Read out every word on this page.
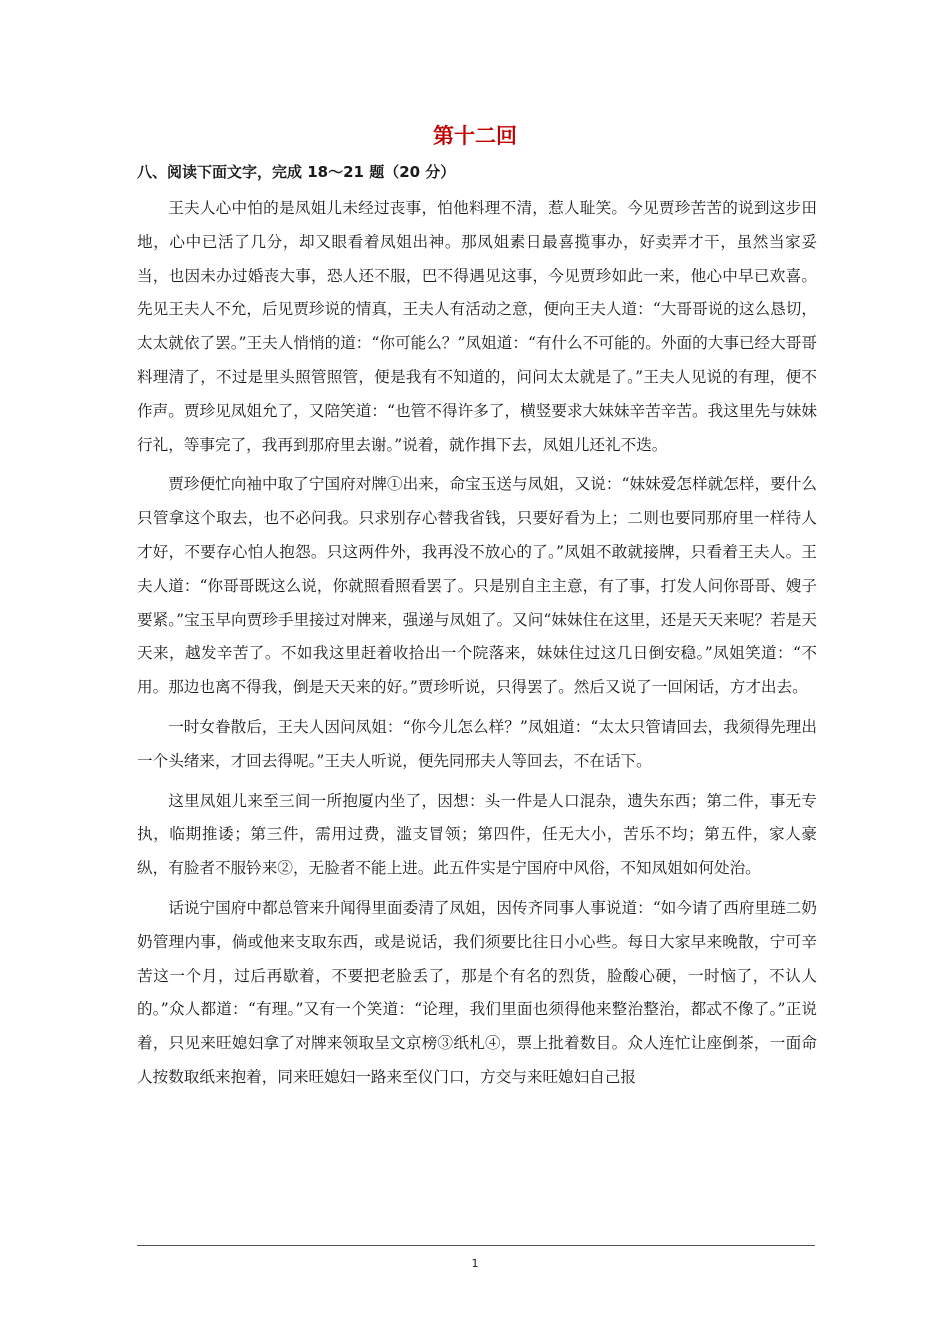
第十二回

八、阅读下面文字，完成 18～21 题（20 分）

王夫人心中怕的是凤姐儿未经过丧事，怕他料理不清，惹人耻笑。今见贾珍苦苦的说到这步田地，心中已活了几分，却又眼看着凤姐出神。那凤姐素日最喜揽事办，好卖弄才干，虽然当家妥当，也因未办过婚丧大事，恐人还不服，巴不得遇见这事，今见贾珍如此一来，他心中早已欢喜。先见王夫人不允，后见贾珍说的情真，王夫人有活动之意，便向王夫人道：“大哥哥说的这么恳切，太太就依了罢。”王夫人悄悄的道：“你可能么？”凤姐道：“有什么不可能的。外面的大事已经大哥哥料理清了，不过是里头照管照管，便是我有不知道的，问问太太就是了。”王夫人见说的有理，便不作声。贾珍见凤姐允了，又陪笑道：“也管不得许多了，横竖要求大妹妹辛苦辛苦。我这里先与妹妹行礼，等事完了，我再到那府里去谢。”说着，就作揖下去，凤姐儿还礼不迭。

贾珍便忙向袖中取了宁国府对牌①出来，命宝玉送与凤姐，又说：“妹妹爱怎样就怎样，要什么只管拿这个取去，也不必问我。只求别存心替我省钱，只要好看为上；二则也要同那府里一样待人才好，不要存心怕人抱怨。只这两件外，我再没不放心的了。”凤姐不敢就接牌，只看着王夫人。王夫人道：“你哥哥既这么说，你就照看照看罢了。只是别自主主意，有了事，打发人问你哥哥、嫂子要紧。”宝玉早向贾珍手里接过对牌来，强递与凤姐了。又问“妹妹住在这里，还是天天来呢？若是天天来，越发辛苦了。不如我这里赶着收拾出一个院落来，妹妹住过这几日倒安稳。”凤姐笑道：“不用。那边也离不得我，倒是天天来的好。”贾珍听说，只得罢了。然后又说了一回闲话，方才出去。

一时女眷散后，王夫人因问凤姐：“你今儿怎么样？”凤姐道：“太太只管请回去，我须得先理出一个头绪来，才回去得呢。”王夫人听说，便先同邢夫人等回去，不在话下。

这里凤姐儿来至三间一所抱厦内坐了，因想：头一件是人口混杂，遗失东西；第二件，事无专执，临期推诿；第三件，需用过费，滥支冒领；第四件，任无大小，苦乐不均；第五件，家人豪纵，有脸者不服钤来②，无脸者不能上进。此五件实是宁国府中风俗，不知凤姐如何处治。

话说宁国府中都总管来升闻得里面委清了凤姐，因传齐同事人事说道：“如今请了西府里琏二奶奶管理内事，倘或他来支取东西，或是说话，我们须要比往日小心些。每日大家早来晚散，宁可辛苦这一个月，过后再歇着，不要把老脸丢了，那是个有名的烈货，脸酸心硬，一时恼了，不认人的。”众人都道：“有理。”又有一个笑道：“论理，我们里面也须得他来整治整治，都忒不像了。”正说着，只见来旺媳妇拿了对牌来领取呈文京榜③纸札④，票上批着数目。众人连忙让座倒茶，一面命人按数取纸来抱着，同来旺媳妇一路来至仪门口，方交与来旺媳妇自己报

1
